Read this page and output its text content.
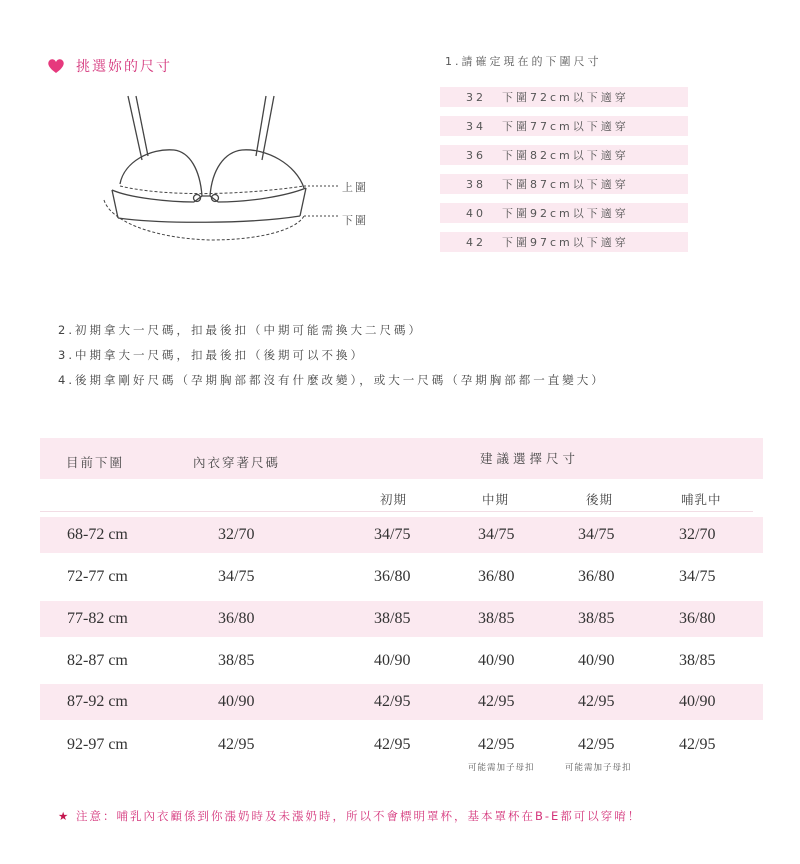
挑選妳的尺寸
上圍
下圍
1.請確定現在的下圍尺寸
32	下圍72cm以下適穿
34	下圍77cm以下適穿
36	下圍82cm以下適穿
38	下圍87cm以下適穿
40	下圍92cm以下適穿
42	下圍97cm以下適穿
2.初期拿大一尺碼，扣最後扣（中期可能需換大二尺碼）
3.中期拿大一尺碼，扣最後扣（後期可以不換）
4.後期拿剛好尺碼（孕期胸部都沒有什麼改變），或大一尺碼（孕期胸部都一直變大）
目前下圍	內衣穿著尺碼	建議選擇尺寸
初期	中期	後期	哺乳中
68-72 cm	32/70	34/75	34/75	34/75	32/70
72-77 cm	34/75	36/80	36/80	36/80	34/75
77-82 cm	36/80	38/85	38/85	38/85	36/80
82-87 cm	38/85	40/90	40/90	40/90	38/85
87-92 cm	40/90	42/95	42/95	42/95	40/90
92-97 cm	42/95	42/95	42/95	42/95	42/95
可能需加子母扣	可能需加子母扣
★ 注意：哺乳內衣顧係到你漲奶時及未漲奶時，所以不會標明罩杯，基本罩杯在B-E都可以穿唷！
